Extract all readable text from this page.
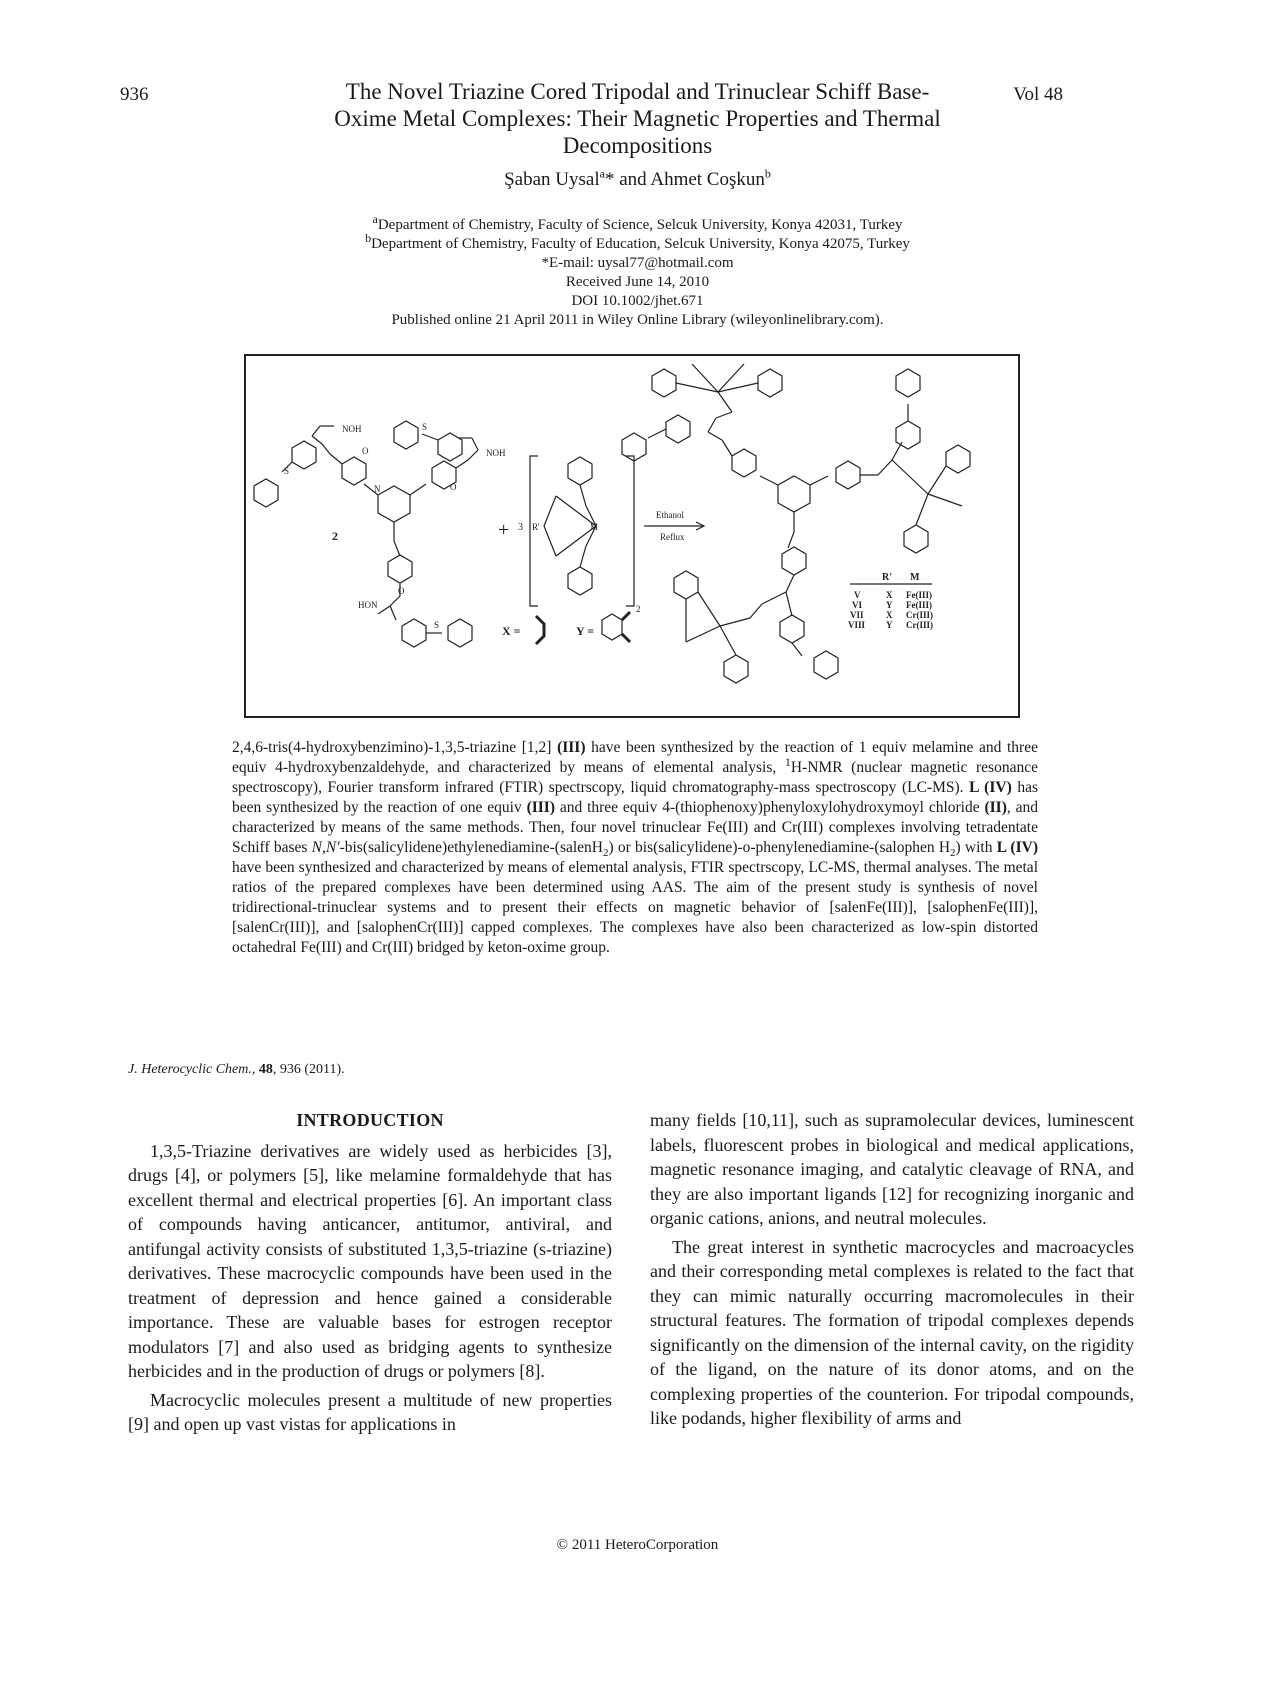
936	Vol 48
The Novel Triazine Cored Tripodal and Trinuclear Schiff Base-
Oxime Metal Complexes: Their Magnetic Properties and Thermal
Decompositions
Şaban Uysal$^a$* and Ahmet Coşkun$^b$
$^a$Department of Chemistry, Faculty of Science, Selcuk University, Konya 42031, Turkey
$^b$Department of Chemistry, Faculty of Education, Selcuk University, Konya 42075, Turkey
*E-mail: uysal77@hotmail.com
Received June 14, 2010
DOI 10.1002/jhet.671
Published online 21 April 2011 in Wiley Online Library (wileyonlinelibrary.com).
2	+ 3
2
Ethanol
Reflux
X =	Y =
NOH
NOH
HON
O
O
O
S
S
S
N
M
R'
R' M
V	X Fe(III)
VI	Y Fe(III)
VII X Cr(III)
VIII Y Cr(III)
2,4,6-tris(4-hydroxybenzimino)-1,3,5-triazine [1,2] (III) have been synthesized by the reaction of 1 equiv melamine and three equiv 4-hydroxybenzaldehyde, and characterized by means of elemental analysis, $^1$H-NMR (nuclear magnetic resonance spectroscopy), Fourier transform infrared (FTIR) spectrscopy, liquid chromatography-mass spectroscopy (LC-MS). L (IV) has been synthesized by the reaction of one equiv (III) and three equiv 4-(thiophenoxy)phenyloxylohydroxymoyl chloride (II), and characterized by means of the same methods. Then, four novel trinuclear Fe(III) and Cr(III) complexes involving tetradentate Schiff bases N,N′-bis(salicylidene)ethylenediamine-(salenH$_2$) or bis(salicylidene)-o-phenylenediamine-(salophen $H_2$) with L (IV) have been synthesized and characterized by means of elemental analysis, FTIR spectrscopy, LC-MS, thermal analyses. The metal ratios of the prepared complexes have been determined using AAS. The aim of the present study is synthesis of novel tridirectional-trinuclear systems and to present their effects on magnetic behavior of [salenFe(III)], [salophenFe(III)], [salenCr(III)], and [salophenCr(III)] capped complexes. The complexes have also been characterized as low-spin distorted octahedral Fe(III) and Cr(III) bridged by keton-oxime group.
J. Heterocyclic Chem., 48, 936 (2011).
INTRODUCTION

1,3,5-Triazine derivatives are widely used as herbicides [3], drugs [4], or polymers [5], like melamine formaldehyde that has excellent thermal and electrical properties [6]. An important class of compounds having anticancer, antitumor, antiviral, and antifungal activity consists of substituted 1,3,5-triazine (s-triazine) derivatives. These macrocyclic compounds have been used in the treatment of depression and hence gained a considerable importance. These are valuable bases for estrogen receptor modulators [7] and also used as bridging agents to synthesize herbicides and in the production of drugs or polymers [8].

Macrocyclic molecules present a multitude of new properties [9] and open up vast vistas for applications in

many fields [10,11], such as supramolecular devices, luminescent labels, fluorescent probes in biological and medical applications, magnetic resonance imaging, and catalytic cleavage of RNA, and they are also important ligands [12] for recognizing inorganic and organic cations, anions, and neutral molecules.

The great interest in synthetic macrocycles and macroacycles and their corresponding metal complexes is related to the fact that they can mimic naturally occurring macromolecules in their structural features. The formation of tripodal complexes depends significantly on the dimension of the internal cavity, on the rigidity of the ligand, on the nature of its donor atoms, and on the complexing properties of the counterion. For tripodal compounds, like podands, higher flexibility of arms and

© 2011 HeteroCorporation
